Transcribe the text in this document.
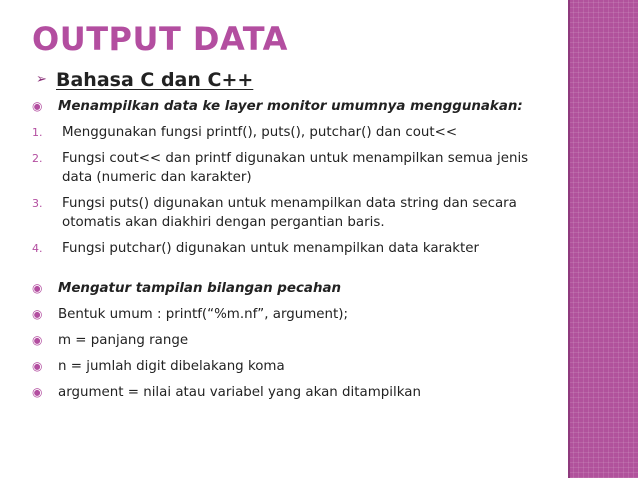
OUTPUT DATA
➢ Bahasa C dan C++
◉	Menampilkan data ke layer monitor umumnya menggunakan:
1.	Menggunakan fungsi printf(), puts(), putchar() dan cout<<
2.	Fungsi cout<< dan printf digunakan untuk menampilkan semua jenis data (numeric dan karakter)
3.	Fungsi puts() digunakan untuk menampilkan data string dan secara otomatis akan diakhiri dengan pergantian baris.
4.	Fungsi putchar() digunakan untuk menampilkan data karakter
◉	Mengatur tampilan bilangan pecahan
◉	Bentuk umum : printf(“%m.nf”, argument);
◉	m = panjang range
◉	n = jumlah digit dibelakang koma
◉	argument = nilai atau variabel yang akan ditampilkan
